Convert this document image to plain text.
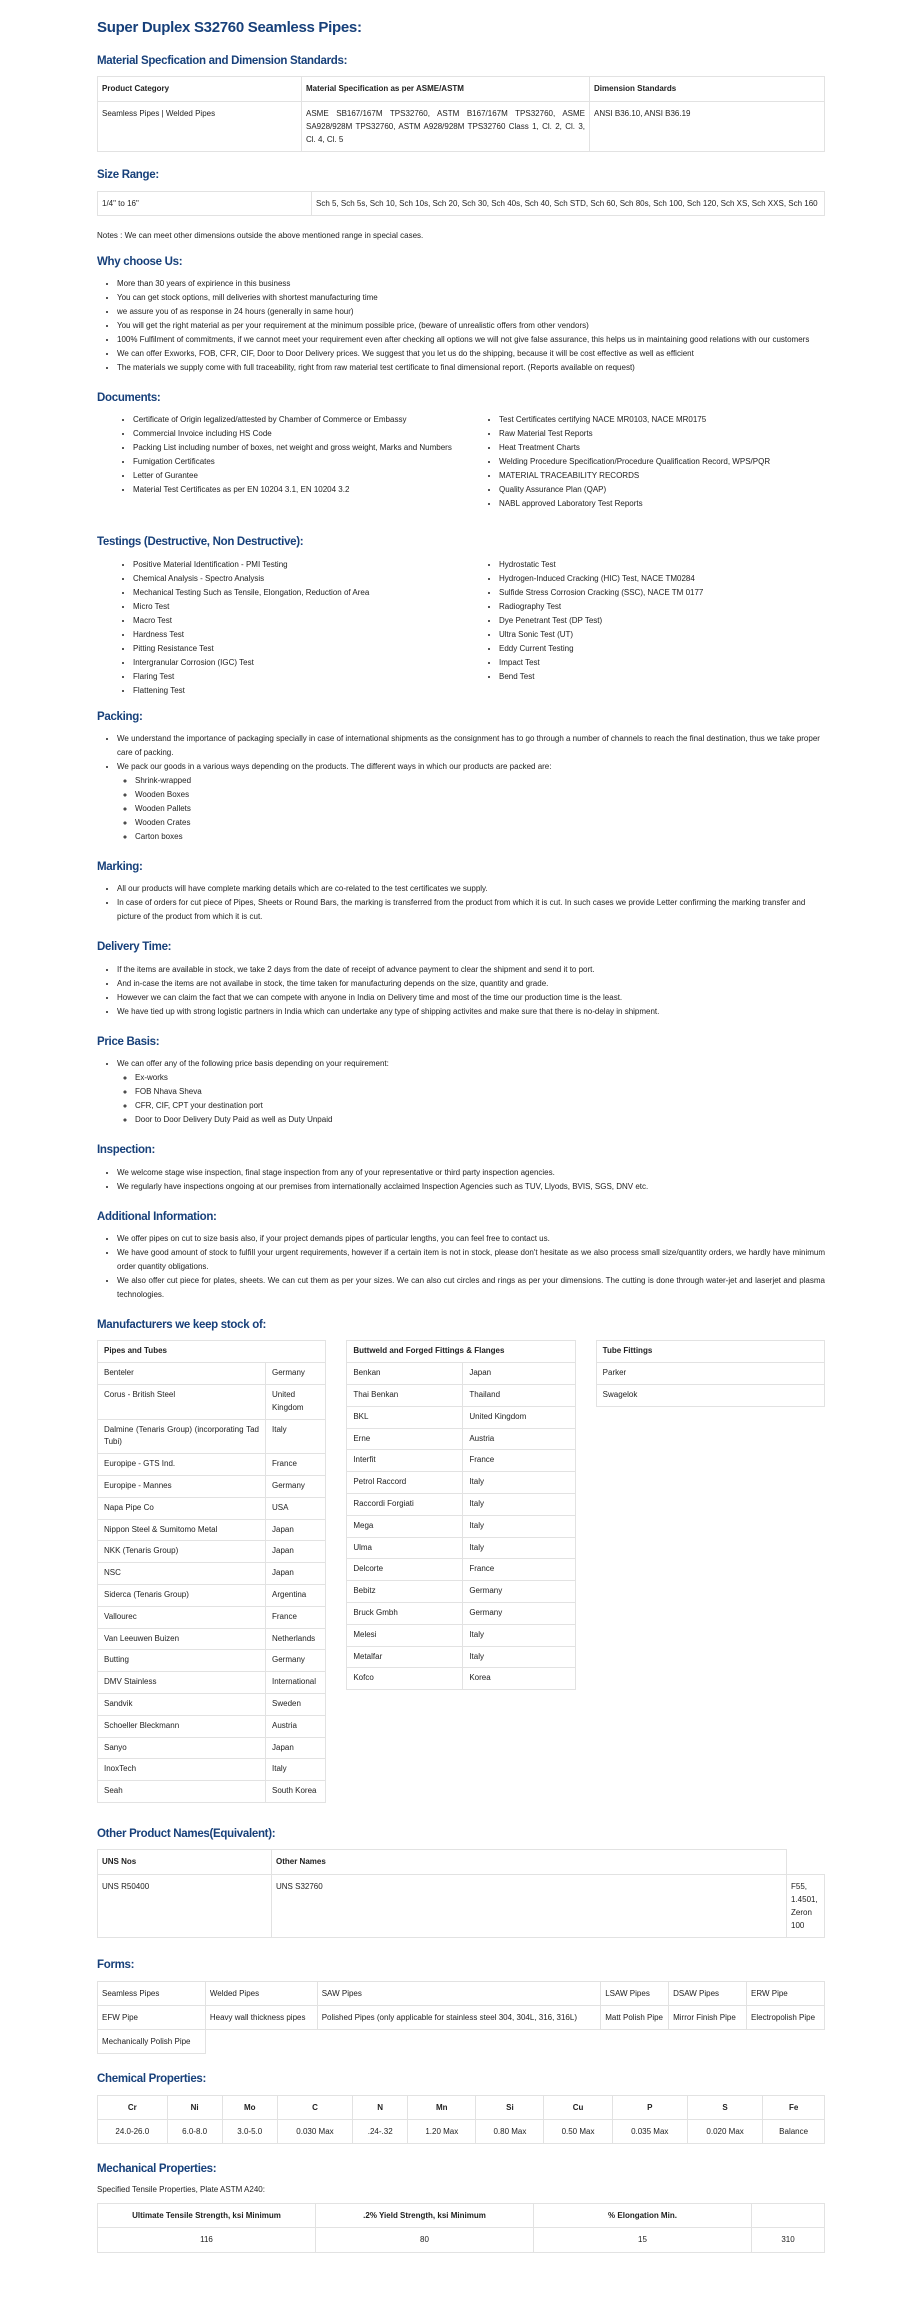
Super Duplex S32760 Seamless Pipes:
Material Specfication and Dimension Standards:
Product Category	Material Specification as per ASME/ASTM	Dimension Standards
Seamless Pipes | Welded Pipes	ASME SB167/167M TPS32760, ASTM B167/167M TPS32760, ASME SA928/928M TPS32760, ASTM A928/928M TPS32760 Class 1, Cl. 2, Cl. 3, Cl. 4, Cl. 5	ANSI B36.10, ANSI B36.19
Size Range:
1/4" to 16"	Sch 5, Sch 5s, Sch 10, Sch 10s, Sch 20, Sch 30, Sch 40s, Sch 40, Sch STD, Sch 60, Sch 80s, Sch 100, Sch 120, Sch XS, Sch XXS, Sch 160

Notes : We can meet other dimensions outside the above mentioned range in special cases.

Why choose Us:
• More than 30 years of expirience in this business
• You can get stock options, mill deliveries with shortest manufacturing time
• we assure you of as response in 24 hours (generally in same hour)
• You will get the right material as per your requirement at the minimum possible price, (beware of unrealistic offers from other vendors)
• 100% Fulfilment of commitments, if we cannot meet your requirement even after checking all options we will not give false assurance, this helps us in maintaining good relations with our customers
• We can offer Exworks, FOB, CFR, CIF, Door to Door Delivery prices. We suggest that you let us do the shipping, because it will be cost effective as well as efficient
• The materials we supply come with full traceability, right from raw material test certificate to final dimensional report. (Reports available on request)
Documents:
• Certificate of Origin legalized/attested by Chamber of Commerce or Embassy
• Commercial Invoice including HS Code
• Packing List including number of boxes, net weight and gross weight, Marks and Numbers
• Fumigation Certificates
• Letter of Gurantee
• Material Test Certificates as per EN 10204 3.1, EN 10204 3.2
• Test Certificates certifying NACE MR0103, NACE MR0175
• Raw Material Test Reports
• Heat Treatment Charts
• Welding Procedure Specification/Procedure Qualification Record, WPS/PQR
• MATERIAL TRACEABILITY RECORDS
• Quality Assurance Plan (QAP)
• NABL approved Laboratory Test Reports
Testings (Destructive, Non Destructive):
• Positive Material Identification - PMI Testing
• Chemical Analysis - Spectro Analysis
• Mechanical Testing Such as Tensile, Elongation, Reduction of Area
• Micro Test
• Macro Test
• Hardness Test
• Pitting Resistance Test
• Intergranular Corrosion (IGC) Test
• Flaring Test
• Flattening Test
• Hydrostatic Test
• Hydrogen-Induced Cracking (HIC) Test, NACE TM0284
• Sulfide Stress Corrosion Cracking (SSC), NACE TM 0177
• Radiography Test
• Dye Penetrant Test (DP Test)
• Ultra Sonic Test (UT)
• Eddy Current Testing
• Impact Test
• Bend Test
Packing:
• We understand the importance of packaging specially in case of international shipments as the consignment has to go through a number of channels to reach the final destination, thus we take proper care of packing.
• We pack our goods in a various ways depending on the products. The different ways in which our products are packed are:
◦ Shrink-wrapped
◦ Wooden Boxes
◦ Wooden Pallets
◦ Wooden Crates
◦ Carton boxes
Marking:
• All our products will have complete marking details which are co-related to the test certificates we supply.
• In case of orders for cut piece of Pipes, Sheets or Round Bars, the marking is transferred from the product from which it is cut. In such cases we provide Letter confirming the marking transfer and picture of the product from which it is cut.
Delivery Time:
• If the items are available in stock, we take 2 days from the date of receipt of advance payment to clear the shipment and send it to port.
• And in-case the items are not availabe in stock, the time taken for manufacturing depends on the size, quantity and grade.
• However we can claim the fact that we can compete with anyone in India on Delivery time and most of the time our production time is the least.
• We have tied up with strong logistic partners in India which can undertake any type of shipping activites and make sure that there is no-delay in shipment.
Price Basis:
• We can offer any of the following price basis depending on your requirement:
◦ Ex-works
◦ FOB Nhava Sheva
◦ CFR, CIF, CPT your destination port
◦ Door to Door Delivery Duty Paid as well as Duty Unpaid
Inspection:
• We welcome stage wise inspection, final stage inspection from any of your representative or third party inspection agencies.
• We regularly have inspections ongoing at our premises from internationally acclaimed Inspection Agencies such as TUV, Llyods, BVIS, SGS, DNV etc.
Additional Information:
• We offer pipes on cut to size basis also, if your project demands pipes of particular lengths, you can feel free to contact us.
• We have good amount of stock to fulfill your urgent requirements, however if a certain item is not in stock, please don't hesitate as we also process small size/quantity orders, we hardly have minimum order quantity obligations.
• We also offer cut piece for plates, sheets. We can cut them as per your sizes. We can also cut circles and rings as per your dimensions. The cutting is done through water-jet and laserjet and plasma technologies.
Manufacturers we keep stock of:
Pipes and Tubes	
Benteler	Germany
Corus - British Steel	United Kingdom
Dalmine (Tenaris Group) (incorporating Tad Tubi)	Italy
Europipe - GTS Ind.	France
Europipe - Mannes	Germany
Napa Pipe Co	USA
Nippon Steel & Sumitomo Metal	Japan
NKK (Tenaris Group)	Japan
NSC	Japan
Siderca (Tenaris Group)	Argentina
Vallourec	France
Van Leeuwen Buizen	Netherlands
Butting	Germany
DMV Stainless	International
Sandvik	Sweden
Schoeller Bleckmann	Austria
Sanyo	Japan
InoxTech	Italy
Seah	South Korea
Buttweld and Forged Fittings & Flanges	
Benkan	Japan
Thai Benkan	Thailand
BKL	United Kingdom
Erne	Austria
Interfit	France
Petrol Raccord	Italy
Raccordi Forgiati	Italy
Mega	Italy
Ulma	Italy
Delcorte	France
Bebitz	Germany
Bruck Gmbh	Germany
Melesi	Italy
Metalfar	Italy
Kofco	Korea
Tube Fittings
Parker
Swagelok
Other Product Names(Equivalent):
UNS Nos	Other Names	
UNS R50400	UNS S32760	F55, 1.4501, Zeron 100
Forms:
Seamless Pipes	Welded Pipes	SAW Pipes	LSAW Pipes	DSAW Pipes	ERW Pipe
EFW Pipe	Heavy wall thickness pipes	Polished Pipes (only applicable for stainless steel 304, 304L, 316, 316L)	Matt Polish Pipe	Mirror Finish Pipe	Electropolish Pipe
Mechanically Polish Pipe					
Chemical Properties:
Cr	Ni	Mo	C	N	Mn	Si	Cu	P	S	Fe
24.0-26.0	6.0-8.0	3.0-5.0	0.030 Max	.24-.32	1.20 Max	0.80 Max	0.50 Max	0.035 Max	0.020 Max	Balance
Mechanical Properties:

Specified Tensile Properties, Plate ASTM A240:

Ultimate Tensile Strength, ksi Minimum	.2% Yield Strength, ksi Minimum	% Elongation Min.	
116	80	15	310
